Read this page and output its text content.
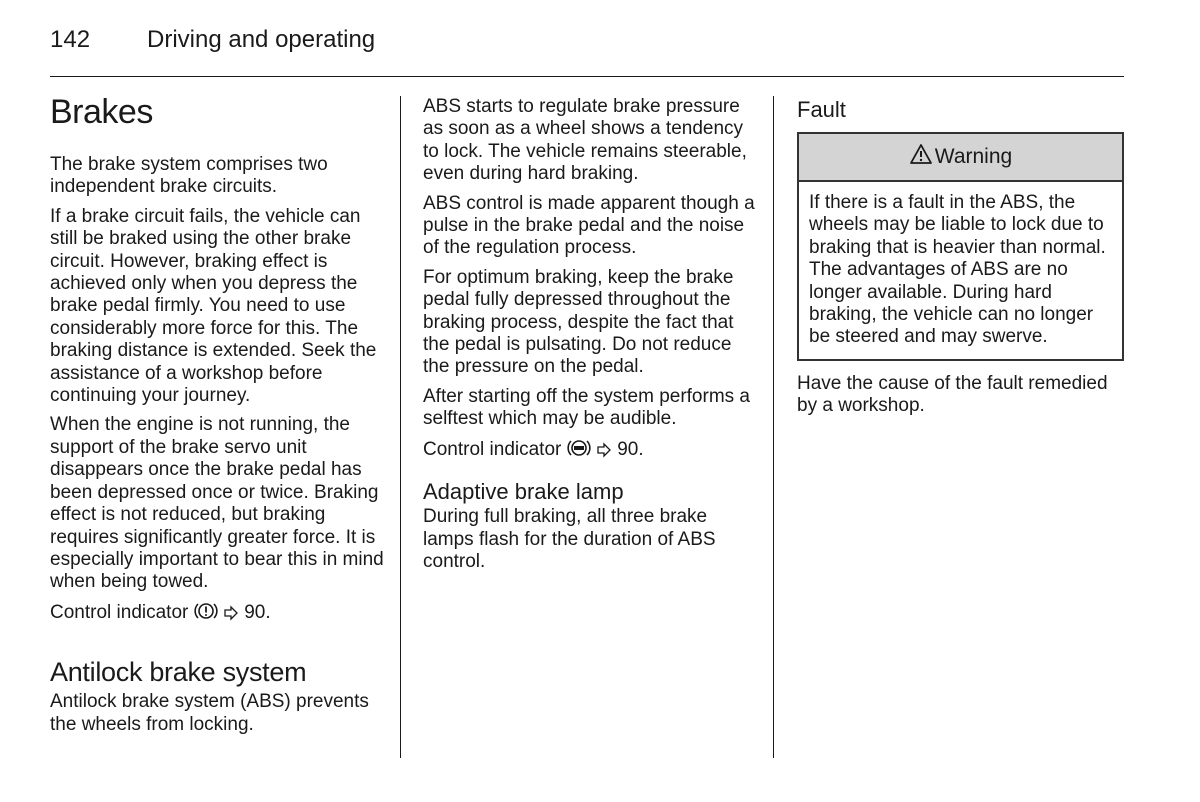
142 Driving and operating
Brakes

The brake system comprises two independent brake circuits.

If a brake circuit fails, the vehicle can still be braked using the other brake circuit. However, braking effect is achieved only when you depress the brake pedal firmly. You need to use considerably more force for this. The braking distance is extended. Seek the assistance of a workshop before continuing your journey.

When the engine is not running, the support of the brake servo unit disappears once the brake pedal has been depressed once or twice. Braking effect is not reduced, but braking requires significantly greater force. It is especially important to bear this in mind when being towed.

Control indicator	90.

Antilock brake system

Antilock brake system (ABS) prevents the wheels from locking.

ABS starts to regulate brake pressure as soon as a wheel shows a tendency to lock. The vehicle remains steerable, even during hard braking.

ABS control is made apparent though a pulse in the brake pedal and the noise of the regulation process.

For optimum braking, keep the brake pedal fully depressed throughout the braking process, despite the fact that the pedal is pulsating. Do not reduce the pressure on the pedal.

After starting off the system performs a selftest which may be audible.

Control indicator	90.

Adaptive brake lamp

During full braking, all three brake lamps flash for the duration of ABS control.

Fault
Warning

If there is a fault in the ABS, the wheels may be liable to lock due to braking that is heavier than normal. The advantages of ABS are no longer available. During hard braking, the vehicle can no longer be steered and may swerve.

Have the cause of the fault remedied by a workshop.
